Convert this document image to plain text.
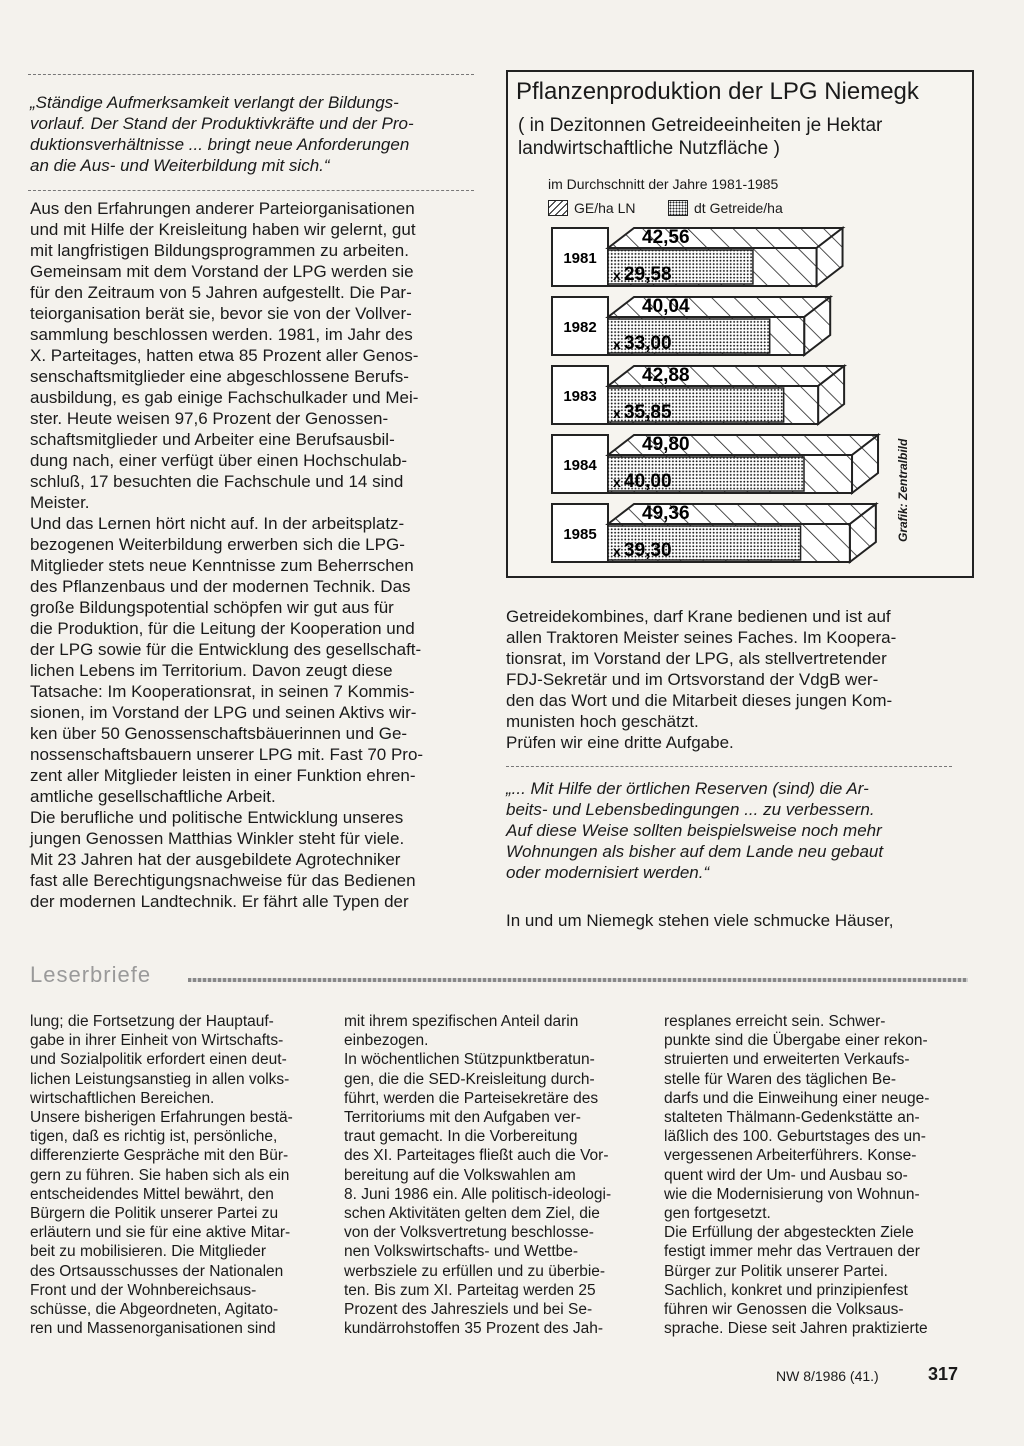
„Ständige Aufmerksamkeit verlangt der Bildungs-
vorlauf. Der Stand der Produktivkräfte und der Pro-
duktionsverhältnisse ... bringt neue Anforderungen
an die Aus- und Weiterbildung mit sich.“

Aus den Erfahrungen anderer Parteiorganisationen
und mit Hilfe der Kreisleitung haben wir gelernt, gut
mit langfristigen Bildungsprogrammen zu arbeiten.
Gemeinsam mit dem Vorstand der LPG werden sie
für den Zeitraum von 5 Jahren aufgestellt. Die Par-
teiorganisation berät sie, bevor sie von der Vollver-
sammlung beschlossen werden. 1981, im Jahr des
X. Parteitages, hatten etwa 85 Prozent aller Genos-
senschaftsmitglieder eine abgeschlossene Berufs-
ausbildung, es gab einige Fachschulkader und Mei-
ster. Heute weisen 97,6 Prozent der Genossen-
schaftsmitglieder und Arbeiter eine Berufsausbil-
dung nach, einer verfügt über einen Hochschulab-
schluß, 17 besuchten die Fachschule und 14 sind
Meister.
Und das Lernen hört nicht auf. In der arbeitsplatz-
bezogenen Weiterbildung erwerben sich die LPG-
Mitglieder stets neue Kenntnisse zum Beherrschen
des Pflanzenbaus und der modernen Technik. Das
große Bildungspotential schöpfen wir gut aus für
die Produktion, für die Leitung der Kooperation und
der LPG sowie für die Entwicklung des gesellschaft-
lichen Lebens im Territorium. Davon zeugt diese
Tatsache: Im Kooperationsrat, in seinen 7 Kommis-
sionen, im Vorstand der LPG und seinen Aktivs wir-
ken über 50 Genossenschaftsbäuerinnen und Ge-
nossenschaftsbauern unserer LPG mit. Fast 70 Pro-
zent aller Mitglieder leisten in einer Funktion ehren-
amtliche gesellschaftliche Arbeit.
Die berufliche und politische Entwicklung unseres
jungen Genossen Matthias Winkler steht für viele.
Mit 23 Jahren hat der ausgebildete Agrotechniker
fast alle Berechtigungsnachweise für das Bedienen
der modernen Landtechnik. Er fährt alle Typen der

Pflanzenproduktion der LPG Niemegk
( in Dezitonnen Getreideeinheiten je Hektar
landwirtschaftliche Nutzfläche )
im Durchschnitt der Jahre 1981-1985
GE/ha LN	dt Getreide/ha
1981
42,56
x 29,58
1982
40,04
x 33,00
1983
42,88
x 35,85
1984
49,80
x 40,00
1985
49,36
x 39,30
Grafik: Zentralbild

Getreidekombines, darf Krane bedienen und ist auf
allen Traktoren Meister seines Faches. Im Koopera-
tionsrat, im Vorstand der LPG, als stellvertretender
FDJ-Sekretär und im Ortsvorstand der VdgB wer-
den das Wort und die Mitarbeit dieses jungen Kom-
munisten hoch geschätzt.
Prüfen wir eine dritte Aufgabe.

„... Mit Hilfe der örtlichen Reserven (sind) die Ar-
beits- und Lebensbedingungen ... zu verbessern.
Auf diese Weise sollten beispielsweise noch mehr
Wohnungen als bisher auf dem Lande neu gebaut
oder modernisiert werden.“

In und um Niemegk stehen viele schmucke Häuser,

Leserbriefe

lung; die Fortsetzung der Hauptauf-
gabe in ihrer Einheit von Wirtschafts-
und Sozialpolitik erfordert einen deut-
lichen Leistungsanstieg in allen volks-
wirtschaftlichen Bereichen.
Unsere bisherigen Erfahrungen bestä-
tigen, daß es richtig ist, persönliche,
differenzierte Gespräche mit den Bür-
gern zu führen. Sie haben sich als ein
entscheidendes Mittel bewährt, den
Bürgern die Politik unserer Partei zu
erläutern und sie für eine aktive Mitar-
beit zu mobilisieren. Die Mitglieder
des Ortsausschusses der Nationalen
Front und der Wohnbereichsaus-
schüsse, die Abgeordneten, Agitato-
ren und Massenorganisationen sind

mit ihrem spezifischen Anteil darin
einbezogen.
In wöchentlichen Stützpunktberatun-
gen, die die SED-Kreisleitung durch-
führt, werden die Parteisekretäre des
Territoriums mit den Aufgaben ver-
traut gemacht. In die Vorbereitung
des XI. Parteitages fließt auch die Vor-
bereitung auf die Volkswahlen am
8. Juni 1986 ein. Alle politisch-ideologi-
schen Aktivitäten gelten dem Ziel, die
von der Volksvertretung beschlosse-
nen Volkswirtschafts- und Wettbe-
werbsziele zu erfüllen und zu überbie-
ten. Bis zum XI. Parteitag werden 25
Prozent des Jahresziels und bei Se-
kundärrohstoffen 35 Prozent des Jah-

resplanes erreicht sein. Schwer-
punkte sind die Übergabe einer rekon-
struierten und erweiterten Verkaufs-
stelle für Waren des täglichen Be-
darfs und die Einweihung einer neuge-
stalteten Thälmann-Gedenkstätte an-
läßlich des 100. Geburtstages des un-
vergessenen Arbeiterführers. Konse-
quent wird der Um- und Ausbau so-
wie die Modernisierung von Wohnun-
gen fortgesetzt.
Die Erfüllung der abgesteckten Ziele
festigt immer mehr das Vertrauen der
Bürger zur Politik unserer Partei.
Sachlich, konkret und prinzipienfest
führen wir Genossen die Volksaus-
sprache. Diese seit Jahren praktizierte

NW 8/1986 (41.)	317
